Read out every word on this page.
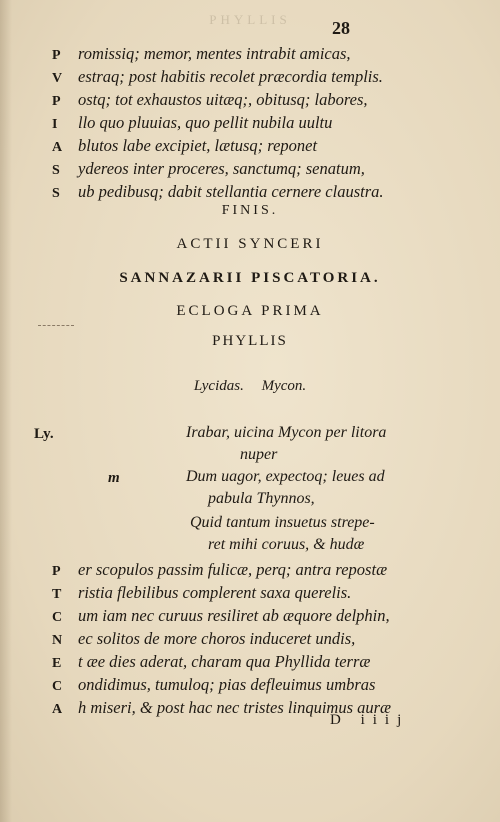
PHYLLIS	28
P	romissiq; memor, mentes intrabit amicas,
V estraq; post habitis recolet præcordia templis.
P	ostq; tot exhaustos uitæq;, obitusq; labores,
I	llo quo pluuias, quo pellit nubila uultu
A blutos labe excipiet, lætusq; reponet
S	ydereos inter proceres, sanctumq; senatum,
S	ub pedibusq; dabit stellantia cernere claustra.
FINIS.
ACTII SYNCERI
SANNAZARII PISCATORIA.
ECLOGA PRIMA
PHYLLIS
Lycidas. Mycon.
Ly.
m
Irabar, uicina Mycon per litora
nuper
Dum uagor, expectoq; leues ad
pabula Thynnos,
Quid tantum insuetus strepe-
ret mihi coruus, & hudæ
P	er scopulos passim fulicæ, perq; antra repostæ
T	ristia flebilibus complerent saxa querelis.
C um iam nec curuus resiliret ab æquore delphin,
N ec solitos de more choros induceret undis,
E	t æe dies aderat, charam qua Phyllida terræ
C ondidimus, tumuloq; pias defleuimus umbras
A h miseri, & post hac nec tristes linquimus auræ
D iiij
